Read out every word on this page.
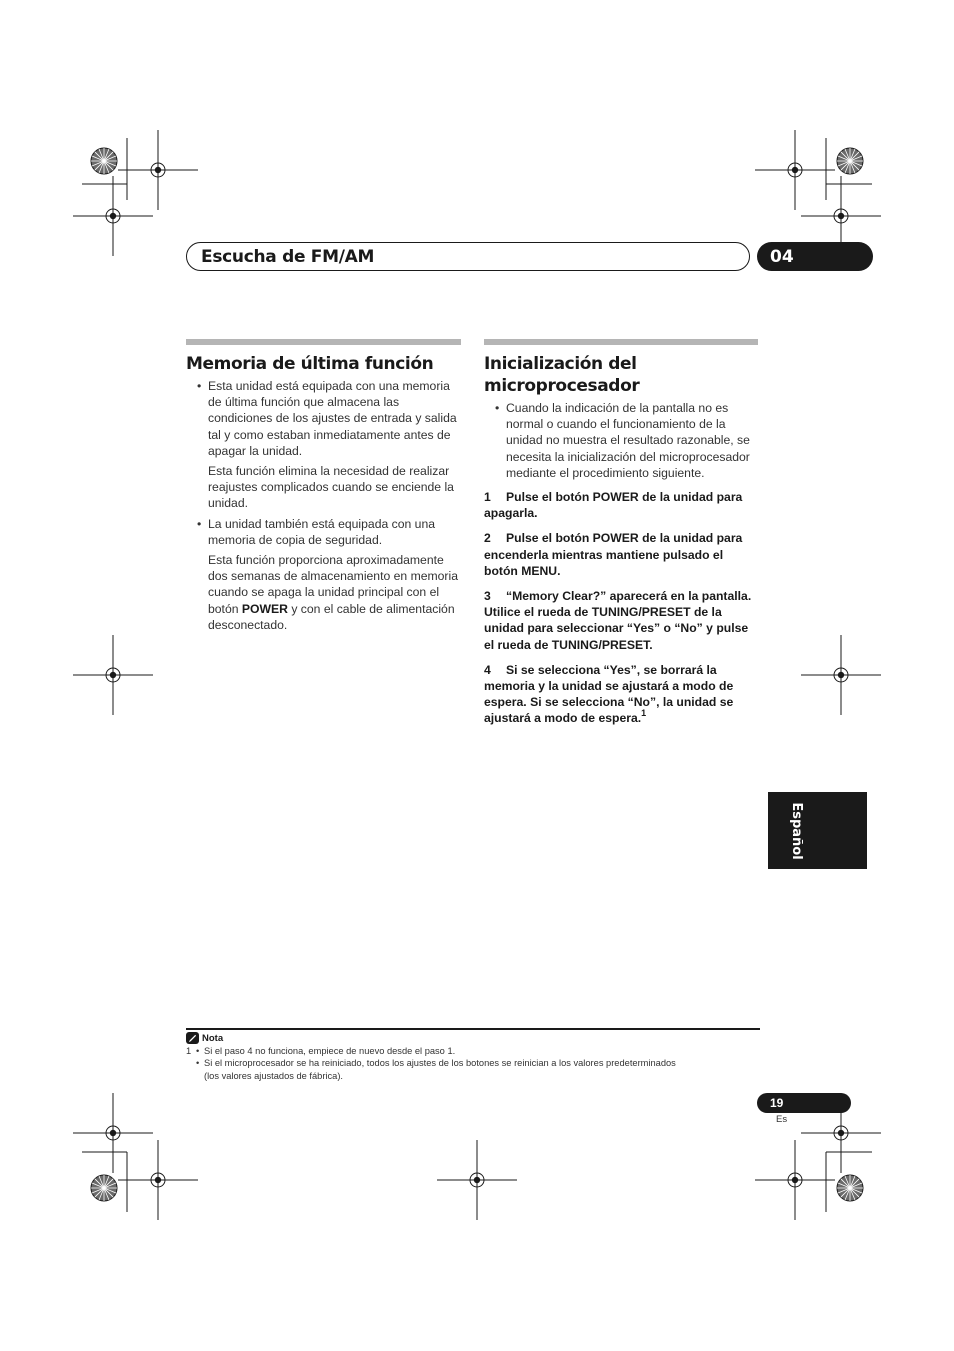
Escucha de FM/AM	04
Memoria de última función
• Esta unidad está equipada con una memoria de última función que almacena las condiciones de los ajustes de entrada y salida tal y como estaban inmediatamente antes de apagar la unidad.
Esta función elimina la necesidad de realizar reajustes complicados cuando se enciende la unidad.
• La unidad también está equipada con una memoria de copia de seguridad.
Esta función proporciona aproximadamente dos semanas de almacenamiento en memoria cuando se apaga la unidad principal con el botón POWER y con el cable de alimentación desconectado.
Inicialización del microprocesador
• Cuando la indicación de la pantalla no es normal o cuando el funcionamiento de la unidad no muestra el resultado razonable, se necesita la inicialización del microprocesador mediante el procedimiento siguiente.
1 Pulse el botón POWER de la unidad para apagarla.
2 Pulse el botón POWER de la unidad para encenderla mientras mantiene pulsado el botón MENU.
3 “Memory Clear?” aparecerá en la pantalla. Utilice el rueda de TUNING/PRESET de la unidad para seleccionar “Yes” o “No” y pulse el rueda de TUNING/PRESET.
4 Si se selecciona “Yes”, se borrará la memoria y la unidad se ajustará a modo de espera. Si se selecciona “No”, la unidad se ajustará a modo de espera.$^1$
Español
Nota
1 • Si el paso 4 no funciona, empiece de nuevo desde el paso 1.
• Si el microprocesador se ha reiniciado, todos los ajustes de los botones se reinician a los valores predeterminados
(los valores ajustados de fábrica).
19
Es
